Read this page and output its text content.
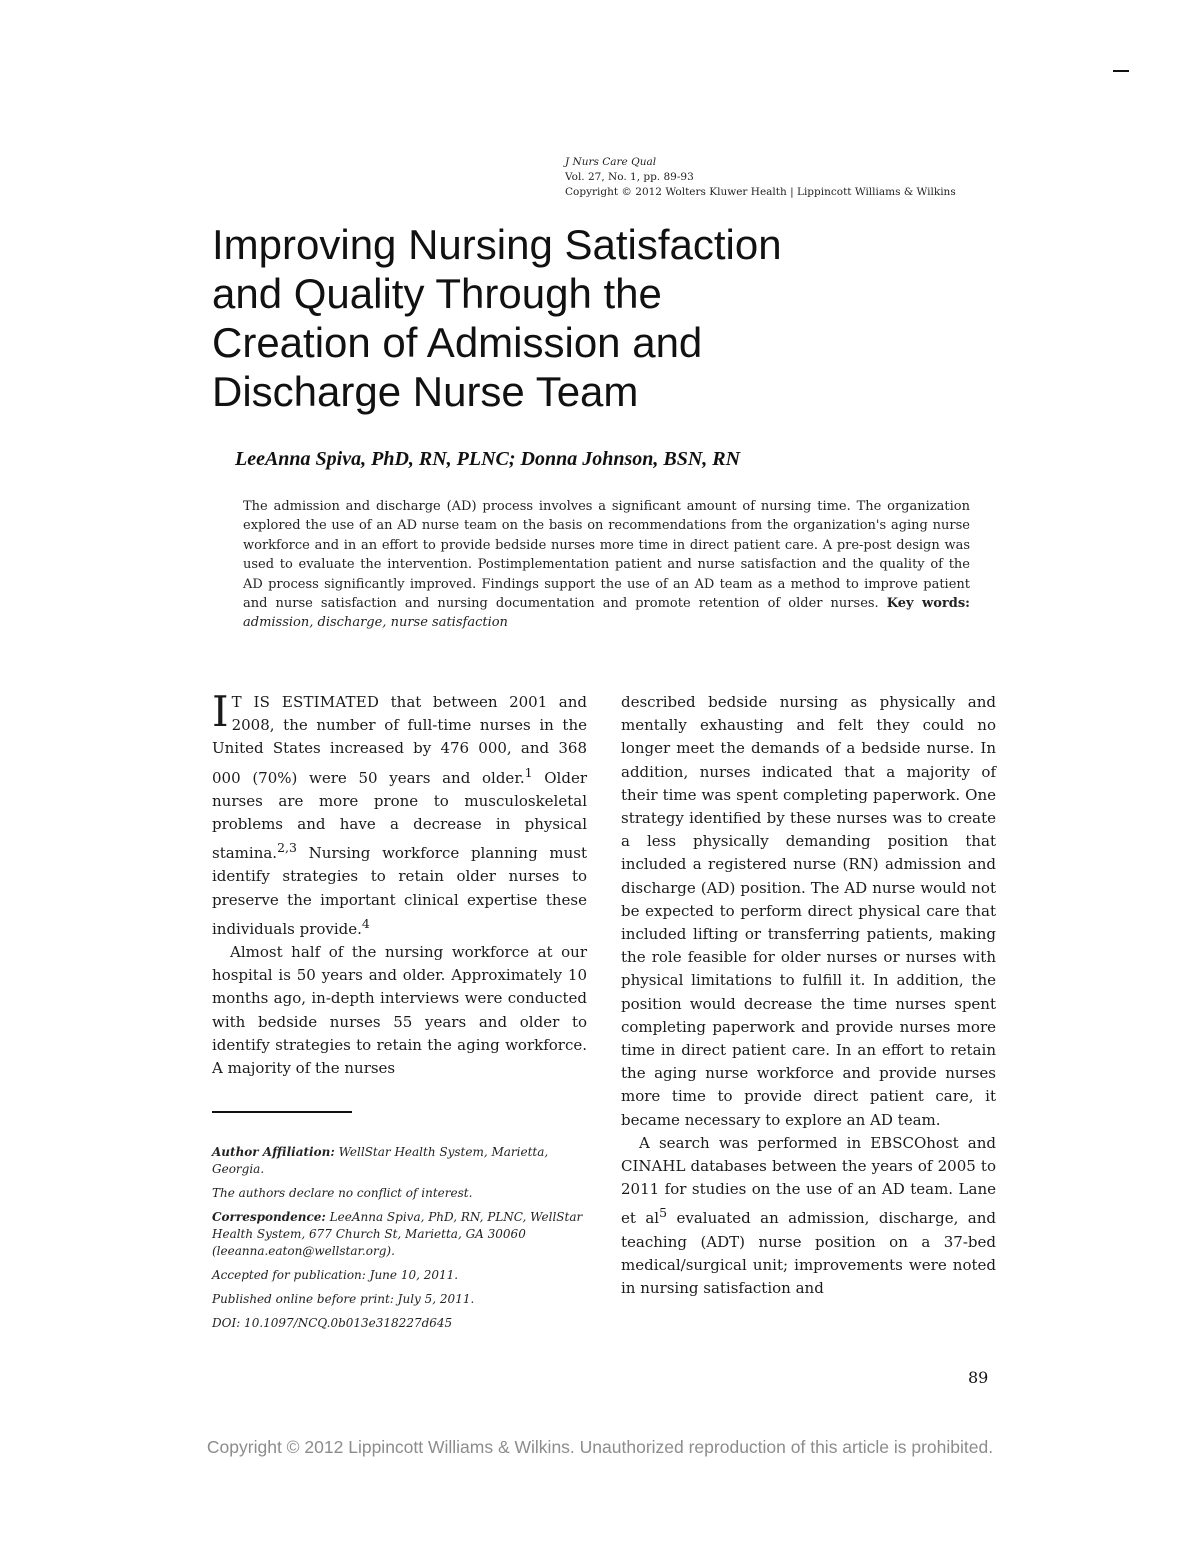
J Nurs Care Qual
Vol. 27, No. 1, pp. 89-93
Copyright © 2012 Wolters Kluwer Health | Lippincott Williams & Wilkins
Improving Nursing Satisfaction
and Quality Through the
Creation of Admission and
Discharge Nurse Team
LeeAnna Spiva, PhD, RN, PLNC; Donna Johnson, BSN, RN
The admission and discharge (AD) process involves a significant amount of nursing time. The organization explored the use of an AD nurse team on the basis on recommendations from the organization's aging nurse workforce and in an effort to provide bedside nurses more time in direct patient care. A pre-post design was used to evaluate the intervention. Postimplementation patient and nurse satisfaction and the quality of the AD process significantly improved. Findings support the use of an AD team as a method to improve patient and nurse satisfaction and nursing documentation and promote retention of older nurses. Key words: admission, discharge, nurse satisfaction

I T IS ESTIMATED that between 2001 and 2008, the number of full-time nurses in the United States increased by 476 000, and 368 000 (70%) were 50 years and older.$^1$ Older nurses are more prone to musculoskeletal problems and have a decrease in physical stamina.$^{2,3}$ Nursing workforce planning must identify strategies to retain older nurses to preserve the important clinical expertise these individuals provide.$^4$

Almost half of the nursing workforce at our hospital is 50 years and older. Approximately 10 months ago, in-depth interviews were conducted with bedside nurses 55 years and older to identify strategies to retain the aging workforce. A majority of the nurses

described bedside nursing as physically and mentally exhausting and felt they could no longer meet the demands of a bedside nurse. In addition, nurses indicated that a majority of their time was spent completing paperwork. One strategy identified by these nurses was to create a less physically demanding position that included a registered nurse (RN) admission and discharge (AD) position. The AD nurse would not be expected to perform direct physical care that included lifting or transferring patients, making the role feasible for older nurses or nurses with physical limitations to fulfill it. In addition, the position would decrease the time nurses spent completing paperwork and provide nurses more time in direct patient care. In an effort to retain the aging nurse workforce and provide nurses more time to provide direct patient care, it became necessary to explore an AD team.

A search was performed in EBSCOhost and CINAHL databases between the years of 2005 to 2011 for studies on the use of an AD team. Lane et $al^5$ evaluated an admission, discharge, and teaching (ADT) nurse position on a 37-bed medical/surgical unit; improvements were noted in nursing satisfaction and

Author Affiliation: WellStar Health System, Marietta, Georgia.

The authors declare no conflict of interest.

Correspondence: LeeAnna Spiva, PhD, RN, PLNC, WellStar Health System, 677 Church St, Marietta, GA 30060 (leeanna.eaton@wellstar.org).

Accepted for publication: June 10, 2011.

Published online before print: July 5, 2011.

DOI: 10.1097/NCQ.0b013e318227d645

89
Copyright © 2012 Lippincott Williams & Wilkins. Unauthorized reproduction of this article is prohibited.
